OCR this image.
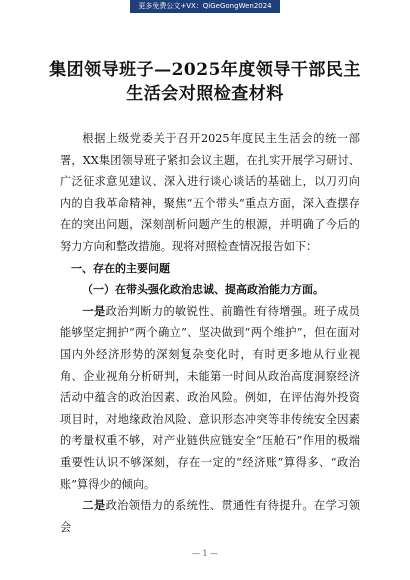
更多免费公文+VX：QiGeGongWen2024
集团领导班子—2025年度领导干部民主
生活会对照检查材料

根据上级党委关于召开2025年度民主生活会的统一部署，XX集团领导班子紧扣会议主题，在扎实开展学习研讨、广泛征求意见建议、深入进行谈心谈话的基础上，以刀刃向内的自我革命精神，聚焦“五个带头”重点方面，深入查摆存在的突出问题，深刻剖析问题产生的根源，并明确了今后的努力方向和整改措施。现将对照检查情况报告如下：

一、存在的主要问题

（一）在带头强化政治忠诚、提高政治能力方面。

一是政治判断力的敏锐性、前瞻性有待增强。班子成员能够坚定拥护“两个确立”、坚决做到“两个维护”，但在面对国内外经济形势的深刻复杂变化时，有时更多地从行业视角、企业视角分析研判，未能第一时间从政治高度洞察经济活动中蕴含的政治因素、政治风险。例如，在评估海外投资项目时，对地缘政治风险、意识形态冲突等非传统安全因素的考量权重不够，对产业链供应链安全“压舱石”作用的极端重要性认识不够深刻，存在一定的“经济账”算得多、“政治账”算得少的倾向。

二是政治领悟力的系统性、贯通性有待提升。在学习领会

— 1 —
